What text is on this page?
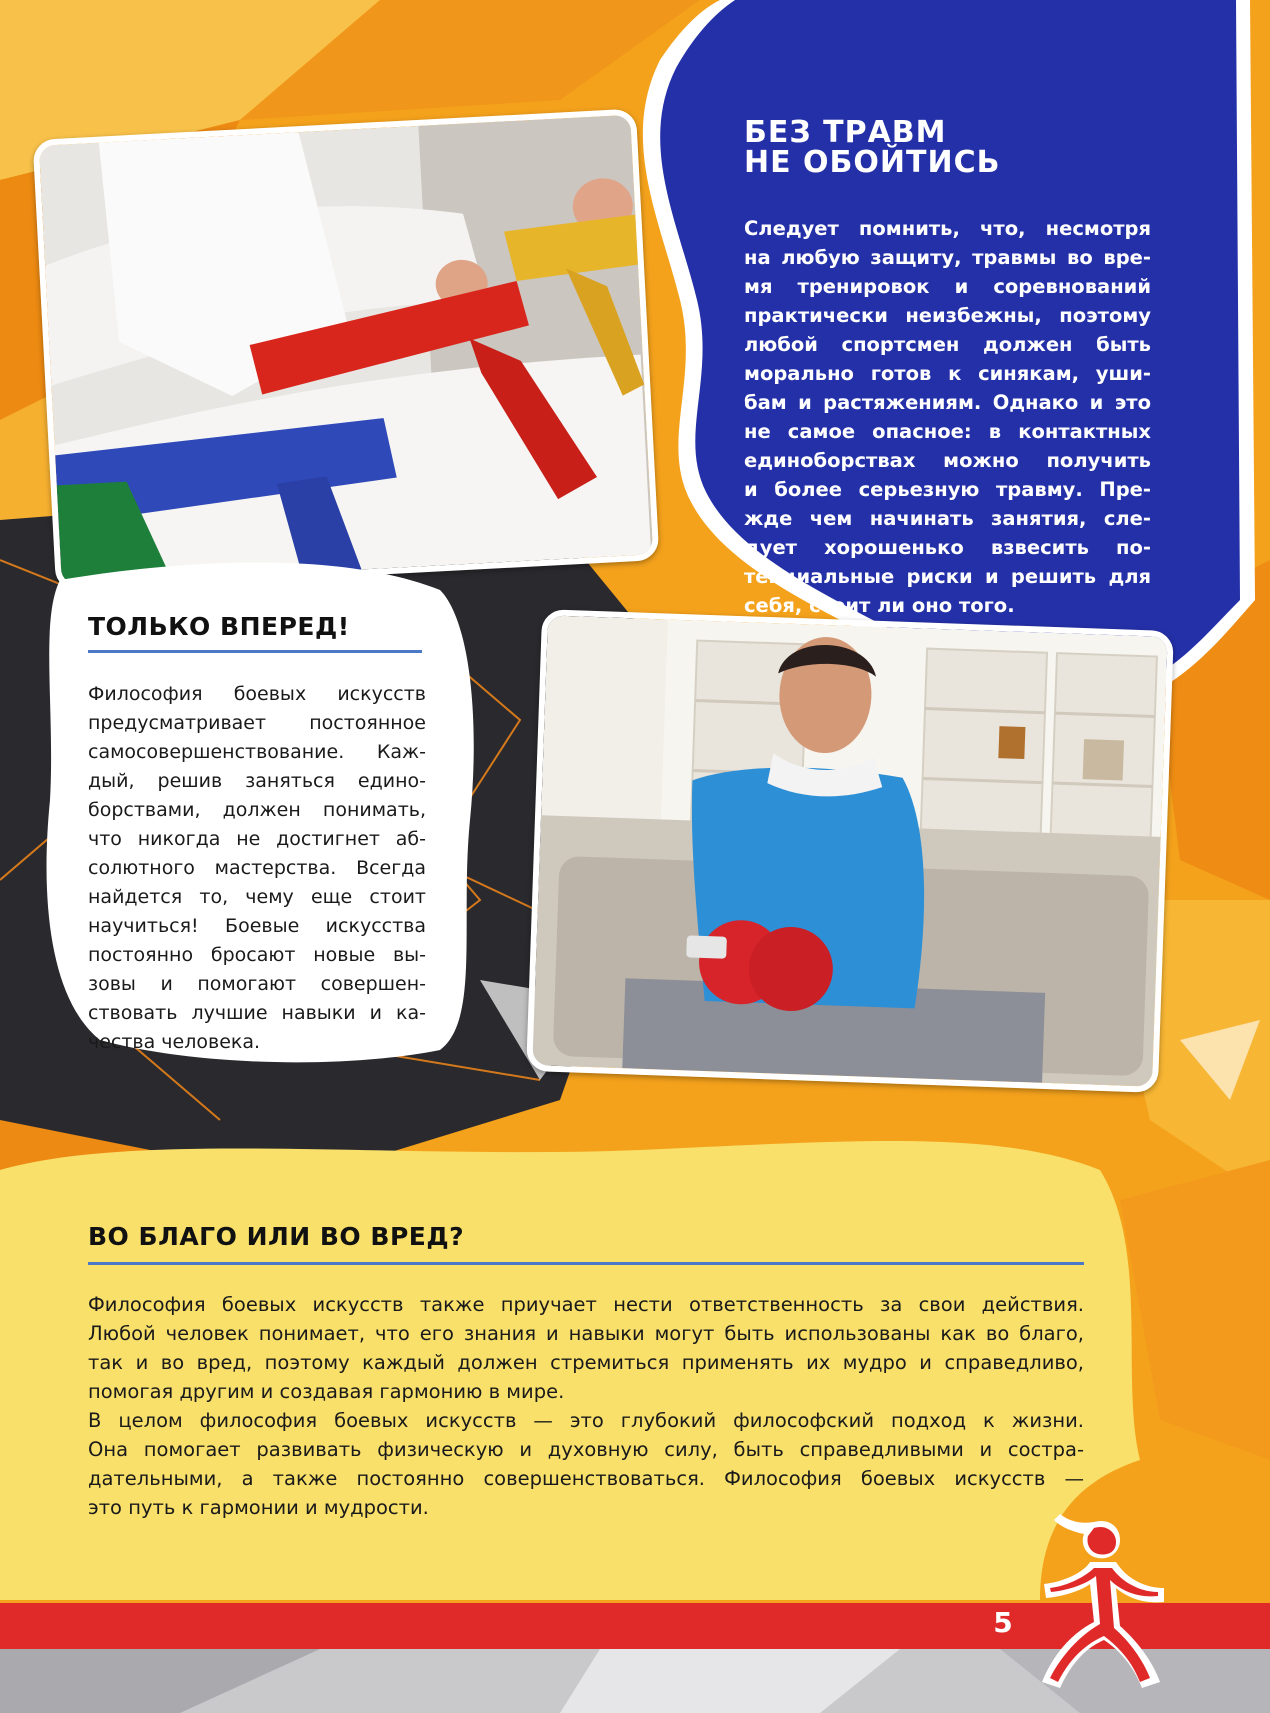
БЕЗ ТРАВМ
НЕ ОБОЙТИСЬ
Следует помнить, что, несмотря
на любую защиту, травмы во вре-
мя тренировок и соревнований
практически неизбежны, поэтому
любой спортсмен должен быть
морально готов к синякам, уши-
бам и растяжениям. Однако и это
не самое опасное: в контактных
единоборствах можно получить
и более серьезную травму. Пре-
жде чем начинать занятия, сле-
дует хорошенько взвесить по-
тенциальные риски и решить для
себя, стоит ли оно того.
ТОЛЬКО ВПЕРЕД!
Философия боевых искусств
предусматривает постоянное
самосовершенствование. Каж-
дый, решив заняться едино-
борствами, должен понимать,
что никогда не достигнет аб-
солютного мастерства. Всегда
найдется то, чему еще стоит
научиться! Боевые искусства
постоянно бросают новые вы-
зовы и помогают совершен-
ствовать лучшие навыки и ка-
чества человека.
ВО БЛАГО ИЛИ ВО ВРЕД?
Философия боевых искусств также приучает нести ответственность за свои действия.
Любой человек понимает, что его знания и навыки могут быть использованы как во благо,
так и во вред, поэтому каждый должен стремиться применять их мудро и справедливо,
помогая другим и создавая гармонию в мире.
В целом философия боевых искусств — это глубокий философский подход к жизни.
Она помогает развивать физическую и духовную силу, быть справедливыми и состра-
дательными, а также постоянно совершенствоваться. Философия боевых искусств —
это путь к гармонии и мудрости.
5
